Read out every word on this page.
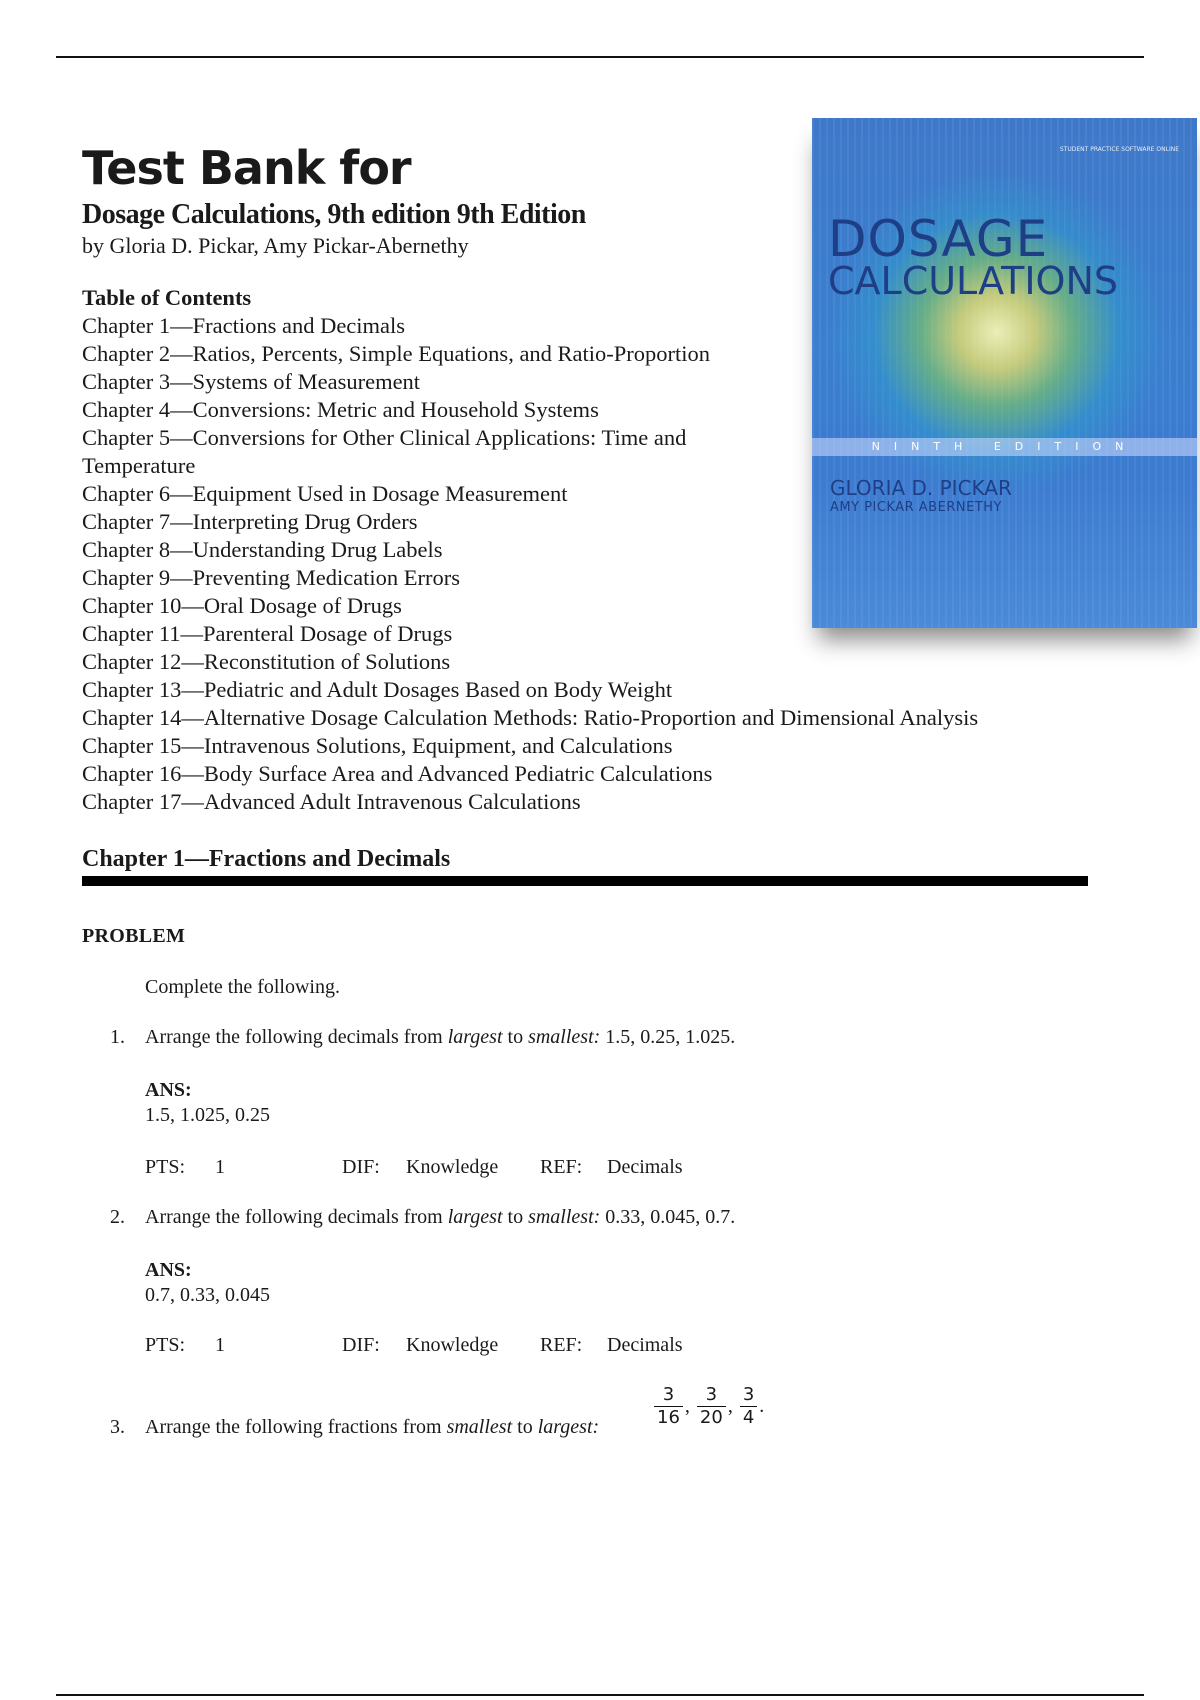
Test Bank for
Dosage Calculations, 9th edition 9th Edition
by Gloria D. Pickar, Amy Pickar-Abernethy
STUDENT PRACTICE SOFTWARE ONLINE
DOSAGE
CALCULATIONS
NINTH EDITION
GLORIA D. PICKAR
AMY PICKAR ABERNETHY
Table of Contents
Chapter 1—Fractions and Decimals
Chapter 2—Ratios, Percents, Simple Equations, and Ratio-Proportion
Chapter 3—Systems of Measurement
Chapter 4—Conversions: Metric and Household Systems
Chapter 5—Conversions for Other Clinical Applications: Time and Temperature
Chapter 6—Equipment Used in Dosage Measurement
Chapter 7—Interpreting Drug Orders
Chapter 8—Understanding Drug Labels
Chapter 9—Preventing Medication Errors
Chapter 10—Oral Dosage of Drugs
Chapter 11—Parenteral Dosage of Drugs
Chapter 12—Reconstitution of Solutions
Chapter 13—Pediatric and Adult Dosages Based on Body Weight
Chapter 14—Alternative Dosage Calculation Methods: Ratio-Proportion and Dimensional Analysis
Chapter 15—Intravenous Solutions, Equipment, and Calculations
Chapter 16—Body Surface Area and Advanced Pediatric Calculations
Chapter 17—Advanced Adult Intravenous Calculations
Chapter 1—Fractions and Decimals
PROBLEM
Complete the following.
1. Arrange the following decimals from largest to smallest: 1.5, 0.25, 1.025.
ANS:
1.5, 1.025, 0.25
PTS: 1	DIF: Knowledge REF: Decimals
2. Arrange the following decimals from largest to smallest: 0.33, 0.045, 0.7.
ANS:
0.7, 0.33, 0.045
PTS: 1	DIF: Knowledge REF: Decimals
3. Arrange the following fractions from smallest to largest:	$\frac{3}{16}$ , $\frac{3}{20}$ , $\frac{3}{4}$ .
